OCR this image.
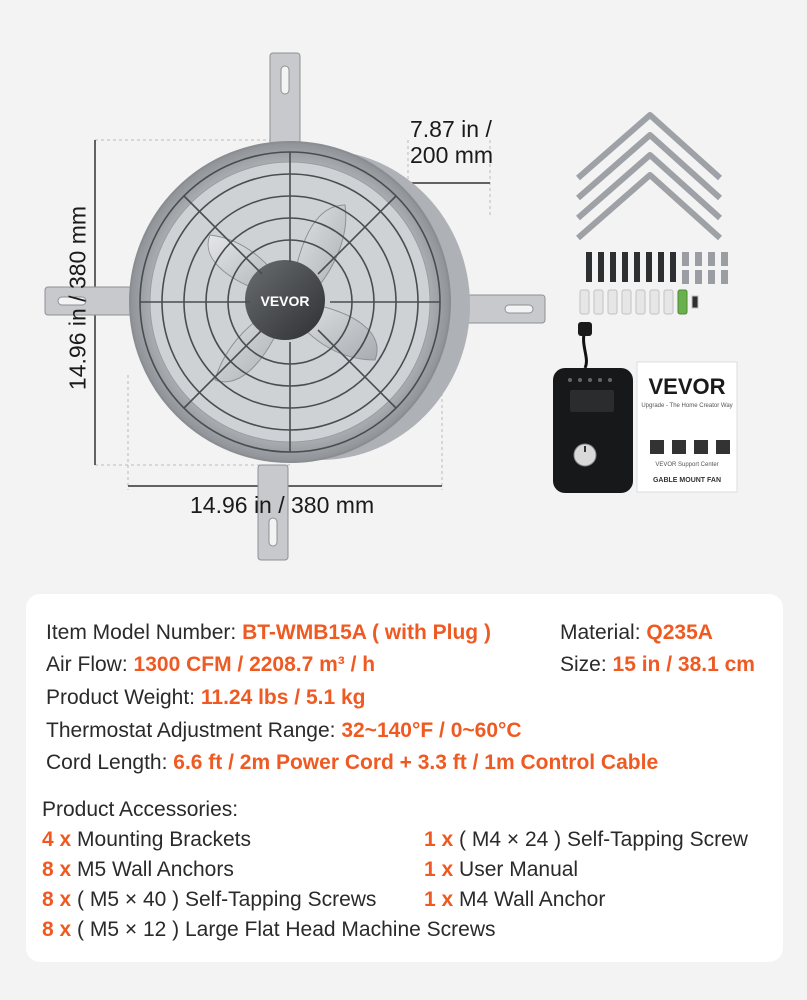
VEVOR
VEVOR
Upgrade - The Home Creator Way
VEVOR Support Center
GABLE MOUNT FAN
7.87 in /
200 mm
14.96 in / 380 mm
14.96 in / 380 mm
Item Model Number: BT-WMB15A ( with Plug )	Material: Q235A
Air Flow: 1300 CFM / 2208.7 m³ / h	Size: 15 in / 38.1 cm
Product Weight: 11.24 lbs / 5.1 kg
Thermostat Adjustment Range: 32~140°F / 0~60°C
Cord Length: 6.6 ft / 2m Power Cord + 3.3 ft / 1m Control Cable
Product Accessories:
4 x Mounting Brackets
8 x M5 Wall Anchors
8 x ( M5 × 40 ) Self-Tapping Screws
8 x ( M5 × 12 ) Large Flat Head Machine Screws
1 x ( M4 × 24 ) Self-Tapping Screw
1 x User Manual
1 x M4 Wall Anchor
